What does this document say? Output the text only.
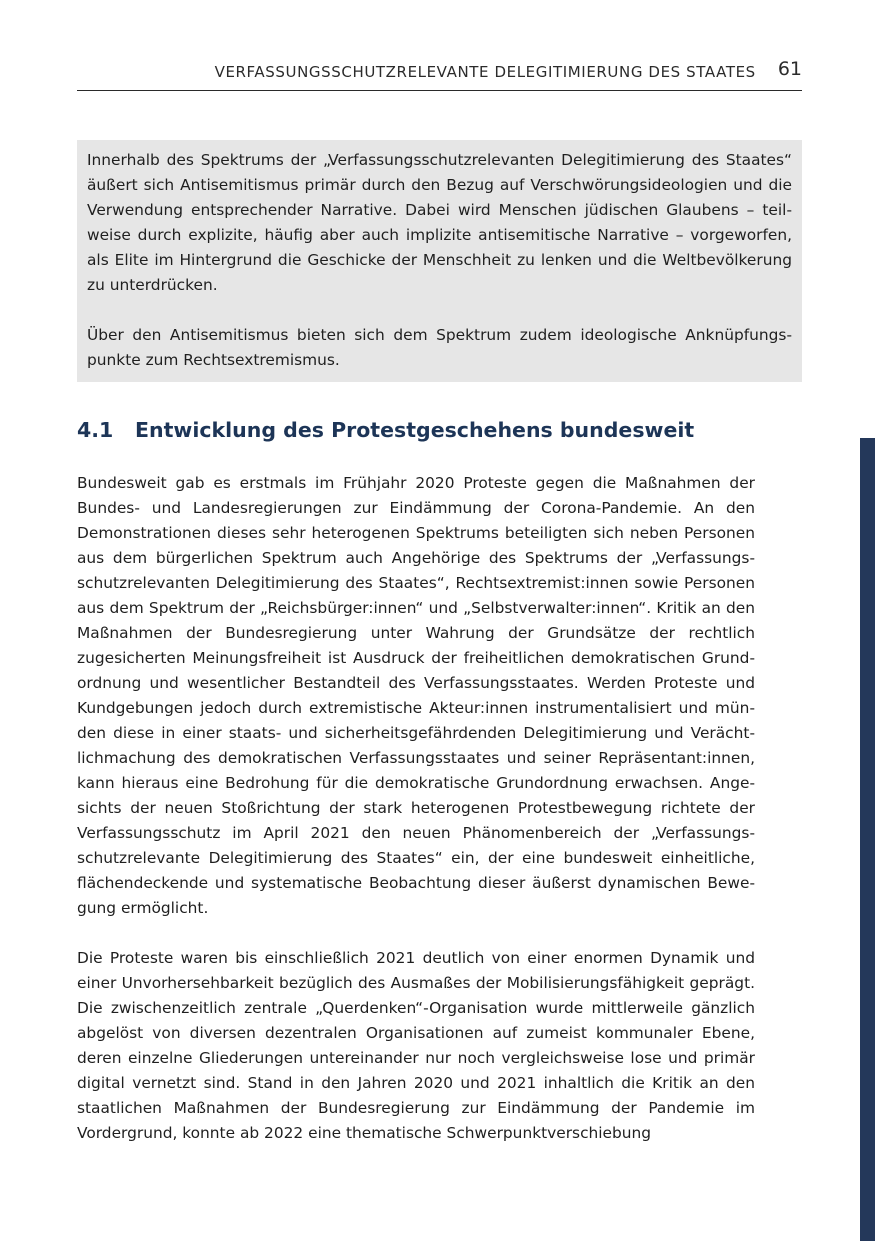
VERFASSUNGSSCHUTZRELEVANTE DELEGITIMIERUNG DES STAATES 61

Innerhalb des Spektrums der „Verfassungsschutzrelevanten Delegitimierung des Staates“ äußert sich Antisemitismus primär durch den Bezug auf Verschwörungsideologien und die Verwendung entsprechender Narrative. Dabei wird Menschen jüdischen Glaubens – teilweise durch explizite, häufig aber auch implizite antisemitische Narrative – vorgeworfen, als Elite im Hintergrund die Geschicke der Menschheit zu lenken und die Weltbevölkerung zu unterdrücken.

Über den Antisemitismus bieten sich dem Spektrum zudem ideologische Anknüpfungspunkte zum Rechtsextremismus.

4.1	Entwicklung des Protestgeschehens bundesweit

Bundesweit gab es erstmals im Frühjahr 2020 Proteste gegen die Maßnahmen der Bundes- und Landesregierungen zur Eindämmung der Corona-Pandemie. An den Demonstrationen dieses sehr heterogenen Spektrums beteiligten sich neben Personen aus dem bürgerlichen Spektrum auch Angehörige des Spektrums der „Verfassungsschutzrelevanten Delegitimierung des Staates“, Rechtsextremist:innen sowie Personen aus dem Spektrum der „Reichsbürger:innen“ und „Selbstverwalter:innen“. Kritik an den Maßnahmen der Bundesregierung unter Wahrung der Grundsätze der rechtlich zugesicherten Meinungsfreiheit ist Ausdruck der freiheitlichen demokratischen Grundordnung und wesentlicher Bestandteil des Verfassungsstaates. Werden Proteste und Kundgebungen jedoch durch extremistische Akteur:innen instrumentalisiert und münden diese in einer staats- und sicherheitsgefährdenden Delegitimierung und Verächtlichmachung des demokratischen Verfassungsstaates und seiner Repräsentant:innen, kann hieraus eine Bedrohung für die demokratische Grundordnung erwachsen. Angesichts der neuen Stoßrichtung der stark heterogenen Protestbewegung richtete der Verfassungsschutz im April 2021 den neuen Phänomenbereich der „Verfassungsschutzrelevante Delegitimierung des Staates“ ein, der eine bundesweit einheitliche, flächendeckende und systematische Beobachtung dieser äußerst dynamischen Bewegung ermöglicht.

Die Proteste waren bis einschließlich 2021 deutlich von einer enormen Dynamik und einer Unvorhersehbarkeit bezüglich des Ausmaßes der Mobilisierungsfähigkeit geprägt. Die zwischenzeitlich zentrale „Querdenken“-Organisation wurde mittlerweile gänzlich abgelöst von diversen dezentralen Organisationen auf zumeist kommunaler Ebene, deren einzelne Gliederungen untereinander nur noch vergleichsweise lose und primär digital vernetzt sind. Stand in den Jahren 2020 und 2021 inhaltlich die Kritik an den staatlichen Maßnahmen der Bundesregierung zur Eindämmung der Pandemie im Vordergrund, konnte ab 2022 eine thematische Schwerpunktverschiebung
